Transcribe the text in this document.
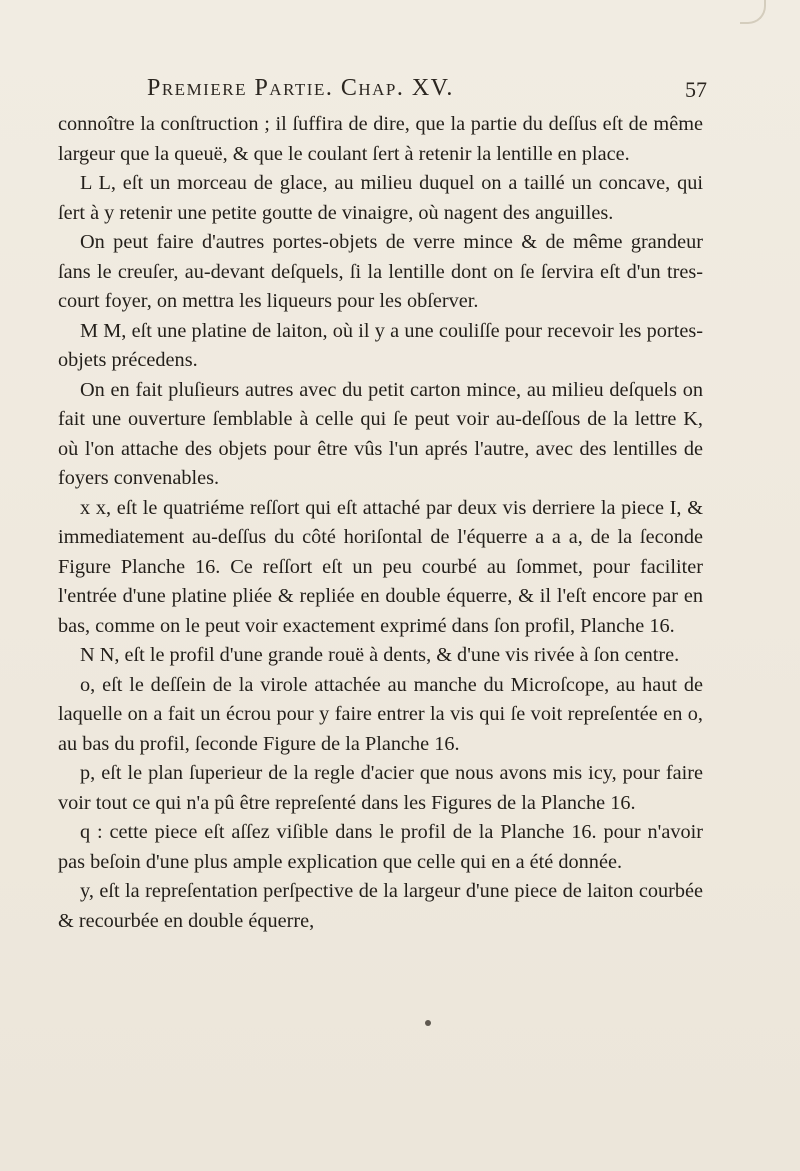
Premiere Partie. Chap. XV.	57

connoître la conſtruction ; il ſuffira de dire, que la partie du deſſus eſt de même largeur que la queuë, & que le coulant ſert à retenir la lentille en place.

L L, eſt un morceau de glace, au milieu duquel on a taillé un concave, qui ſert à y retenir une petite goutte de vinaigre, où nagent des anguilles.

On peut faire d'autres portes-objets de verre mince & de même grandeur ſans le creuſer, au-devant deſquels, ſi la lentille dont on ſe ſervira eſt d'un tres-court foyer, on mettra les liqueurs pour les obſerver.

M M, eſt une platine de laiton, où il y a une couliſſe pour recevoir les portes-objets précedens.

On en fait pluſieurs autres avec du petit carton mince, au milieu deſquels on fait une ouverture ſemblable à celle qui ſe peut voir au-deſſous de la lettre K, où l'on attache des objets pour être vûs l'un aprés l'autre, avec des lentilles de foyers convenables.

x x, eſt le quatriéme reſſort qui eſt attaché par deux vis derriere la piece I, & immediatement au-deſſus du côté horiſontal de l'équerre a a a, de la ſeconde Figure Planche 16. Ce reſſort eſt un peu courbé au ſommet, pour faciliter l'entrée d'une platine pliée & repliée en double équerre, & il l'eſt encore par en bas, comme on le peut voir exactement exprimé dans ſon profil, Planche 16.

N N, eſt le profil d'une grande rouë à dents, & d'une vis rivée à ſon centre.

o, eſt le deſſein de la virole attachée au manche du Microſcope, au haut de laquelle on a fait un écrou pour y faire entrer la vis qui ſe voit repreſentée en o, au bas du profil, ſeconde Figure de la Planche 16.

p, eſt le plan ſuperieur de la regle d'acier que nous avons mis icy, pour faire voir tout ce qui n'a pû être repreſenté dans les Figures de la Planche 16.

q : cette piece eſt aſſez viſible dans le profil de la Planche 16. pour n'avoir pas beſoin d'une plus ample explication que celle qui en a été donnée.

y, eſt la repreſentation perſpective de la largeur d'une piece de laiton courbée & recourbée en double équerre,
